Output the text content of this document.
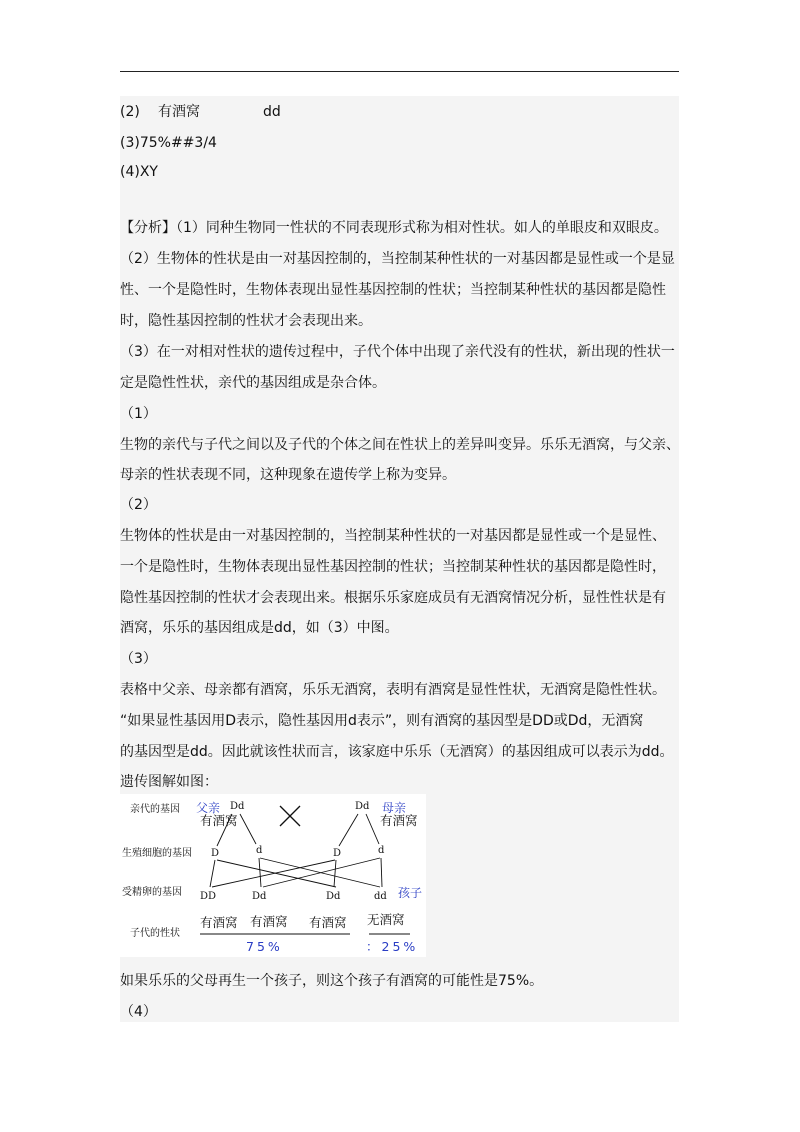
(2) 有酒窝	dd
(3)75%##3/4
(4)XY
【分析】（1）同种生物同一性状的不同表现形式称为相对性状。如人的单眼皮和双眼皮。
（2）生物体的性状是由一对基因控制的，当控制某种性状的一对基因都是显性或一个是显
性、一个是隐性时，生物体表现出显性基因控制的性状；当控制某种性状的基因都是隐性
时，隐性基因控制的性状才会表现出来。
（3）在一对相对性状的遗传过程中，子代个体中出现了亲代没有的性状，新出现的性状一
定是隐性性状，亲代的基因组成是杂合体。
（1）
生物的亲代与子代之间以及子代的个体之间在性状上的差异叫变异。乐乐无酒窝，与父亲、
母亲的性状表现不同，这种现象在遗传学上称为变异。
（2）
生物体的性状是由一对基因控制的，当控制某种性状的一对基因都是显性或一个是显性、
一个是隐性时，生物体表现出显性基因控制的性状；当控制某种性状的基因都是隐性时，
隐性基因控制的性状才会表现出来。根据乐乐家庭成员有无酒窝情况分析，显性性状是有
酒窝，乐乐的基因组成是dd，如（3）中图。
（3）
表格中父亲、母亲都有酒窝，乐乐无酒窝，表明有酒窝是显性性状，无酒窝是隐性性状。
“如果显性基因用D表示，隐性基因用d表示”，则有酒窝的基因型是DD或Dd，无酒窝
的基因型是dd。因此就该性状而言，该家庭中乐乐（无酒窝）的基因组成可以表示为dd。
遗传图解如图：
亲代的基因
生殖细胞的基因
受精卵的基因
子代的性状
父亲 Dd
有酒窝
Dd 母亲
有酒窝
D	d	D	d
DD	Dd	Dd	dd 孩子
有酒窝 有酒窝 有酒窝 无酒窝
75%	：25%
如果乐乐的父母再生一个孩子，则这个孩子有酒窝的可能性是75%。
（4）
